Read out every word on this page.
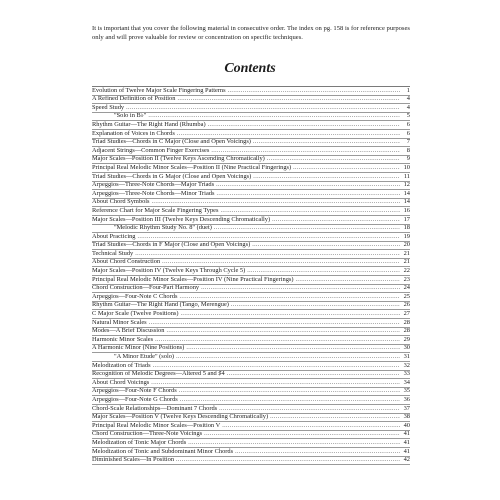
It is important that you cover the following material in consecutive order. The index on pg. 158 is for reference purposes only and will prove valuable for review or concentration on specific techniques.

Contents
Evolution of Twelve Major Scale Fingering Patterns .....	1
A Refined Definition of Position .....	4
Speed Study .....	4
"Solo in B♭" .....	5
Rhythm Guitar—The Right Hand (Rhumba) .....	6
Explanation of Voices in Chords .....	6
Triad Studies—Chords in C Major (Close and Open Voicings) .....	7
Adjacent Strings—Common Finger Exercises .....	8
Major Scales—Position II (Twelve Keys Ascending Chromatically) .....	9
Principal Real Melodic Minor Scales—Position II (Nine Practical Fingerings) .....	10
Triad Studies—Chords in G Major (Close and Open Voicings) .....	11
Arpeggios—Three-Note Chords—Major Triads .....	12
Arpeggios—Three-Note Chords—Minor Triads .....	14
About Chord Symbols .....	14
Reference Chart for Major Scale Fingering Types .....	16
Major Scales—Position III (Twelve Keys Descending Chromatically) .....	17
"Melodic Rhythm Study No. 8" (duet) .....	18
About Practicing .....	19
Triad Studies—Chords in F Major (Close and Open Voicings) .....	20
Technical Study .....	21
About Chord Construction .....	21
Major Scales—Position IV (Twelve Keys Through Cycle 5) .....	22
Principal Real Melodic Minor Scales—Position IV (Nine Practical Fingerings) .....	23
Chord Construction—Four-Part Harmony .....	24
Arpeggios—Four-Note C Chords .....	25
Rhythm Guitar—The Right Hand (Tango, Merengue) .....	26
C Major Scale (Twelve Positions) .....	27
Natural Minor Scales .....	28
Modes—A Brief Discussion .....	28
Harmonic Minor Scales .....	29
A Harmonic Minor (Nine Positions) .....	30
"A Minor Etude" (solo) .....	31
Melodization of Triads .....	32
Recognition of Melodic Degrees—Altered 5 and ♯4 .....	33
About Chord Voicings .....	34
Arpeggios—Four-Note F Chords .....	35
Arpeggios—Four-Note G Chords .....	36
Chord-Scale Relationships—Dominant 7 Chords .....	37
Major Scales—Position V (Twelve Keys Descending Chromatically) .....	38
Principal Real Melodic Minor Scales—Position V .....	40
Chord Construction—Three-Note Voicings .....	41
Melodization of Tonic Major Chords .....	41
Melodization of Tonic and Subdominant Minor Chords .....	41
Diminished Scales—In Position .....	42
